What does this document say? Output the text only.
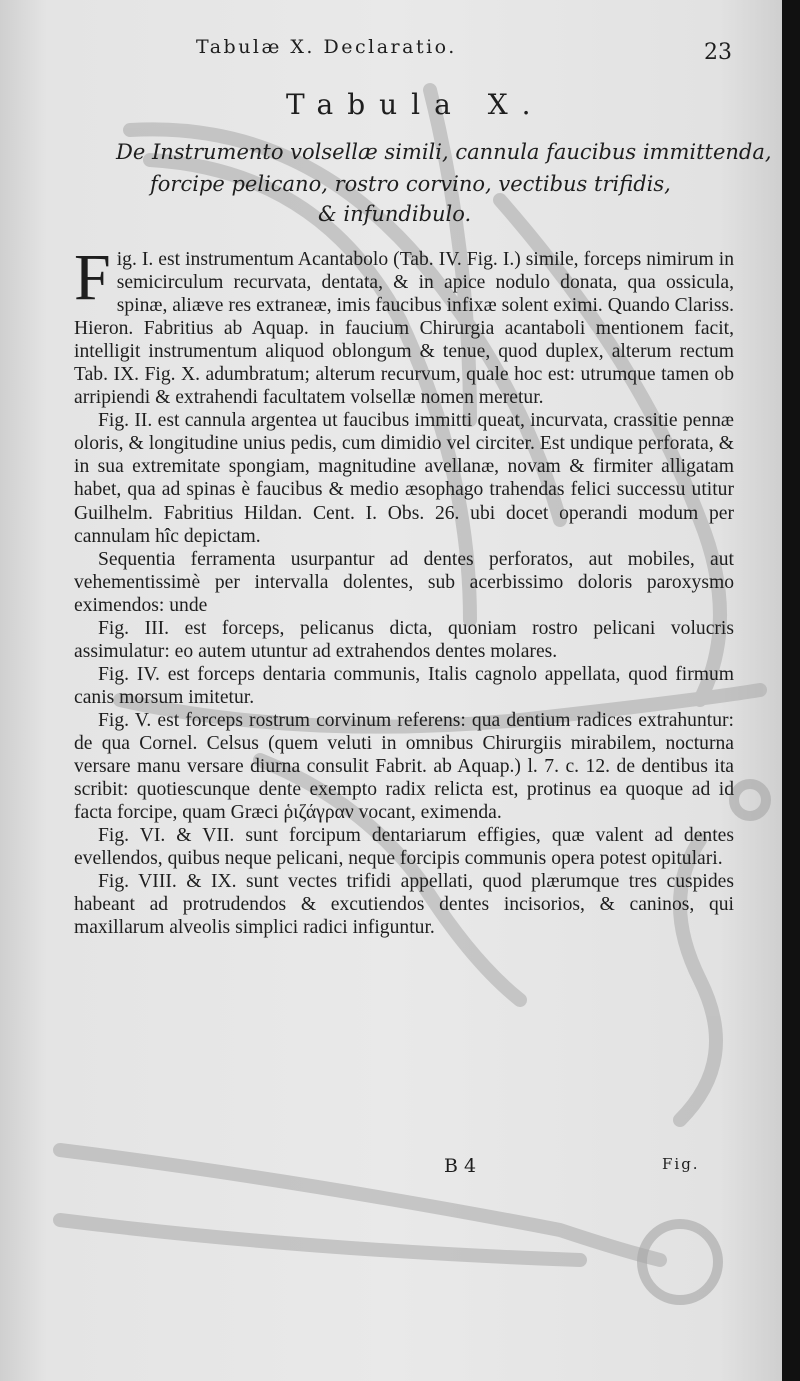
Tabulæ X. Declaratio.	23
Tabula X.
De Instrumento volsellæ simili, cannula faucibus immittenda,
forcipe pelicano, rostro corvino, vectibus trifidis,
& infundibulo.

F ig. I. est instrumentum Acantabolo (Tab. IV. Fig. I.) simile, forceps nimirum in semicirculum recurvata, dentata, & in apice nodulo donata, qua ossicula, spinæ, aliæve res extraneæ, imis faucibus infixæ solent eximi. Quando Clariss. Hieron. Fabritius ab Aquap. in faucium Chirurgia acantaboli mentionem facit, intelligit instrumentum aliquod oblongum & tenue, quod duplex, alterum rectum Tab. IX. Fig. X. adumbratum; alterum recurvum, quale hoc est: utrumque tamen ob arripiendi & extrahendi facultatem volsellæ nomen meretur.

Fig. II. est cannula argentea ut faucibus immitti queat, incurvata, crassitie pennæ oloris, & longitudine unius pedis, cum dimidio vel circiter. Est undique perforata, & in sua extremitate spongiam, magnitudine avellanæ, novam & firmiter alligatam habet, qua ad spinas è faucibus & medio æsophago trahendas felici successu utitur Guilhelm. Fabritius Hildan. Cent. I. Obs. 26. ubi docet operandi modum per cannulam hîc depictam.

Sequentia ferramenta usurpantur ad dentes perforatos, aut mobiles, aut vehementissimè per intervalla dolentes, sub acerbissimo doloris paroxysmo eximendos: unde

Fig. III. est forceps, pelicanus dicta, quoniam rostro pelicani volucris assimulatur: eo autem utuntur ad extrahendos dentes molares.

Fig. IV. est forceps dentaria communis, Italis cagnolo appellata, quod firmum canis morsum imitetur.

Fig. V. est forceps rostrum corvinum referens: qua dentium radices extrahuntur: de qua Cornel. Celsus (quem veluti in omnibus Chirurgiis mirabilem, nocturna versare manu versare diurna consulit Fabrit. ab Aquap.) l. 7. c. 12. de dentibus ita scribit: quotiescunque dente exempto radix relicta est, protinus ea quoque ad id facta forcipe, quam Græci ῥιζάγραν vocant, eximenda.

Fig. VI. & VII. sunt forcipum dentariarum effigies, quæ valent ad dentes evellendos, quibus neque pelicani, neque forcipis communis opera potest opitulari.

Fig. VIII. & IX. sunt vectes trifidi appellati, quod plærumque tres cuspides habeant ad protrudendos & excutiendos dentes incisorios, & caninos, qui maxillarum alveolis simplici radici infiguntur.

B 4	Fig.
